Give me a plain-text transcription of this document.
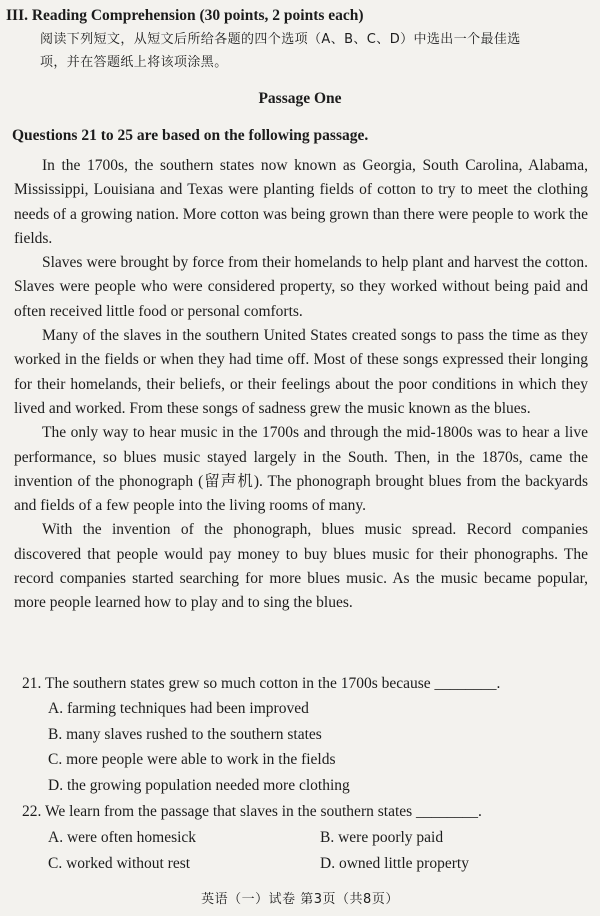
III. Reading Comprehension (30 points, 2 points each)
阅读下列短文，从短文后所给各题的四个选项（A、B、C、D）中选出一个最佳选
项，并在答题纸上将该项涂黑。
Passage One
Questions 21 to 25 are based on the following passage.

In the 1700s, the southern states now known as Georgia, South Carolina, Alabama, Mississippi, Louisiana and Texas were planting fields of cotton to try to meet the clothing needs of a growing nation. More cotton was being grown than there were people to work the fields.

Slaves were brought by force from their homelands to help plant and harvest the cotton. Slaves were people who were considered property, so they worked without being paid and often received little food or personal comforts.

Many of the slaves in the southern United States created songs to pass the time as they worked in the fields or when they had time off. Most of these songs expressed their longing for their homelands, their beliefs, or their feelings about the poor conditions in which they lived and worked. From these songs of sadness grew the music known as the blues.

The only way to hear music in the 1700s and through the mid-1800s was to hear a live performance, so blues music stayed largely in the South. Then, in the 1870s, came the invention of the phonograph (留声机). The phonograph brought blues from the backyards and fields of a few people into the living rooms of many.

With the invention of the phonograph, blues music spread. Record companies discovered that people would pay money to buy blues music for their phonographs. The record companies started searching for more blues music. As the music became popular, more people learned how to play and to sing the blues.

21. The southern states grew so much cotton in the 1700s because ________.
A. farming techniques had been improved
B. many slaves rushed to the southern states
C. more people were able to work in the fields
D. the growing population needed more clothing
22. We learn from the passage that slaves in the southern states ________.
A. were often homesick	B. were poorly paid
C. worked without rest	D. owned little property
英语（一）试卷 第3页（共8页）
